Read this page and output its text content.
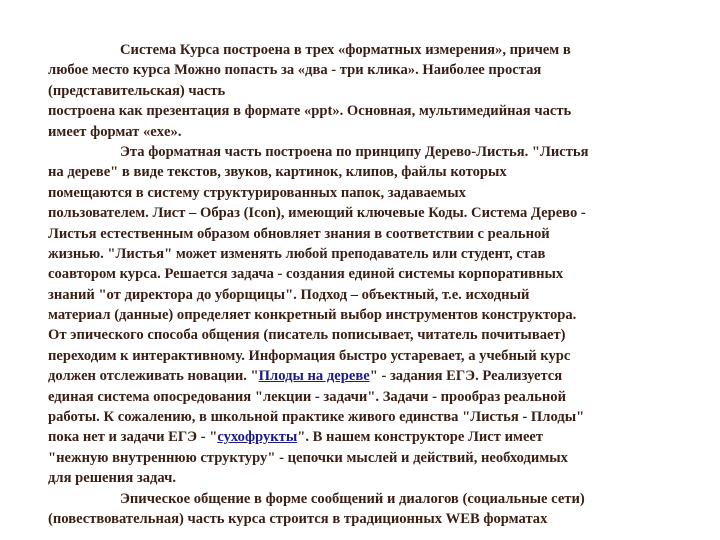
Система Курса построена в трех «форматных измерения», причем в
любое место курса Можно попасть за «два - три клика». Наиболее простая
(представительская) часть
построена как презентация в формате «ppt». Основная, мультимедийная часть
имеет формат «exe».
Эта форматная часть построена по принципу Дерево-Листья. "Листья
на дереве" в виде текстов, звуков, картинок, клипов, файлы которых
помещаются в систему структурированных папок, задаваемых
пользователем. Лист – Образ (Icon), имеющий ключевые Коды. Система Дерево -
Листья естественным образом обновляет знания в соответствии с реальной
жизнью. "Листья" может изменять любой преподаватель или студент, став
соавтором курса. Решается задача - создания единой системы корпоративных
знаний "от директора до уборщицы". Подход – объектный, т.е. исходный
материал (данные) определяет конкретный выбор инструментов конструктора.
От эпического способа общения (писатель пописывает, читатель почитывает)
переходим к интерактивному. Информация быстро устаревает, а учебный курс
должен отслеживать новации. "Плоды на дереве" - задания ЕГЭ. Реализуется
единая система опосредования "лекции - задачи". Задачи - прообраз реальной
работы. К сожалению, в школьной практике живого единства "Листья - Плоды"
пока нет и задачи ЕГЭ - "сухофрукты". В нашем конструкторе Лист имеет
"нежную внутреннюю структуру" - цепочки мыслей и действий, необходимых
для решения задач.
Эпическое общение в форме сообщений и диалогов (социальные сети)
(повествовательная) часть курса строится в традиционных WEB форматах
